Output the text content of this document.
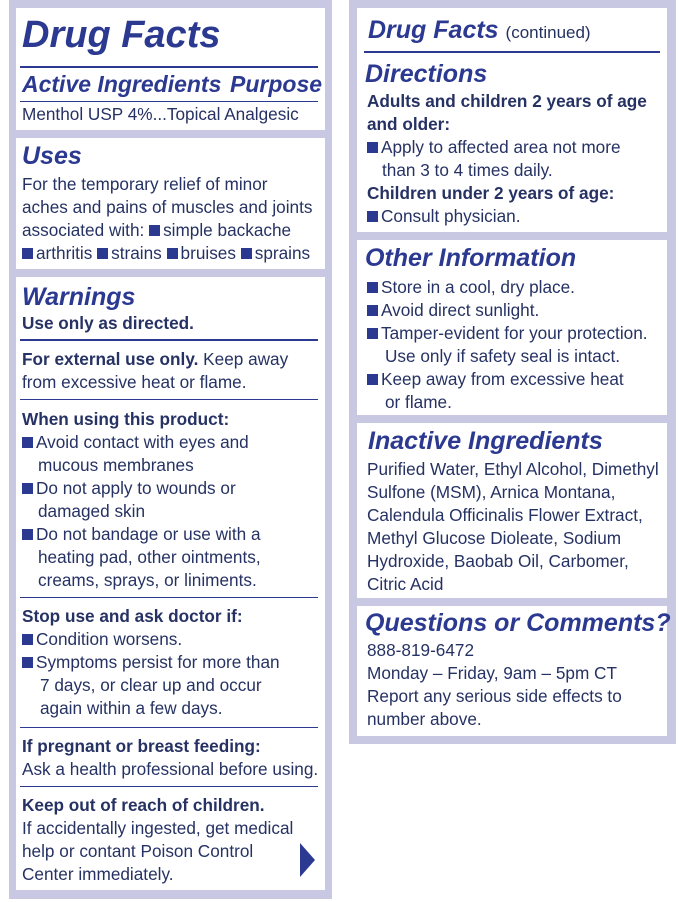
Drug Facts
Active Ingredients Purpose
Menthol USP 4%...Topical Analgesic
Uses
For the temporary relief of minor
aches and pains of muscles and joints
associated with: simple backache
arthritis strains bruises sprains
Warnings
Use only as directed.
For external use only. Keep away
from excessive heat or flame.
When using this product:
Avoid contact with eyes and
mucous membranes
Do not apply to wounds or
damaged skin
Do not bandage or use with a
heating pad, other ointments,
creams, sprays, or liniments.
Stop use and ask doctor if:
Condition worsens.
Symptoms persist for more than
7 days, or clear up and occur
again within a few days.
If pregnant or breast feeding:
Ask a health professional before using.
Keep out of reach of children.
If accidentally ingested, get medical
help or contant Poison Control
Center immediately.
Drug Facts (continued)
Directions
Adults and children 2 years of age
and older:
Apply to affected area not more
than 3 to 4 times daily.
Children under 2 years of age:
Consult physician.
Other Information
Store in a cool, dry place.
Avoid direct sunlight.
Tamper-evident for your protection.
Use only if safety seal is intact.
Keep away from excessive heat
or flame.
Inactive Ingredients
Purified Water, Ethyl Alcohol, Dimethyl
Sulfone (MSM), Arnica Montana,
Calendula Officinalis Flower Extract,
Methyl Glucose Dioleate, Sodium
Hydroxide, Baobab Oil, Carbomer,
Citric Acid
Questions or Comments?
888-819-6472
Monday – Friday, 9am – 5pm CT
Report any serious side effects to
number above.
